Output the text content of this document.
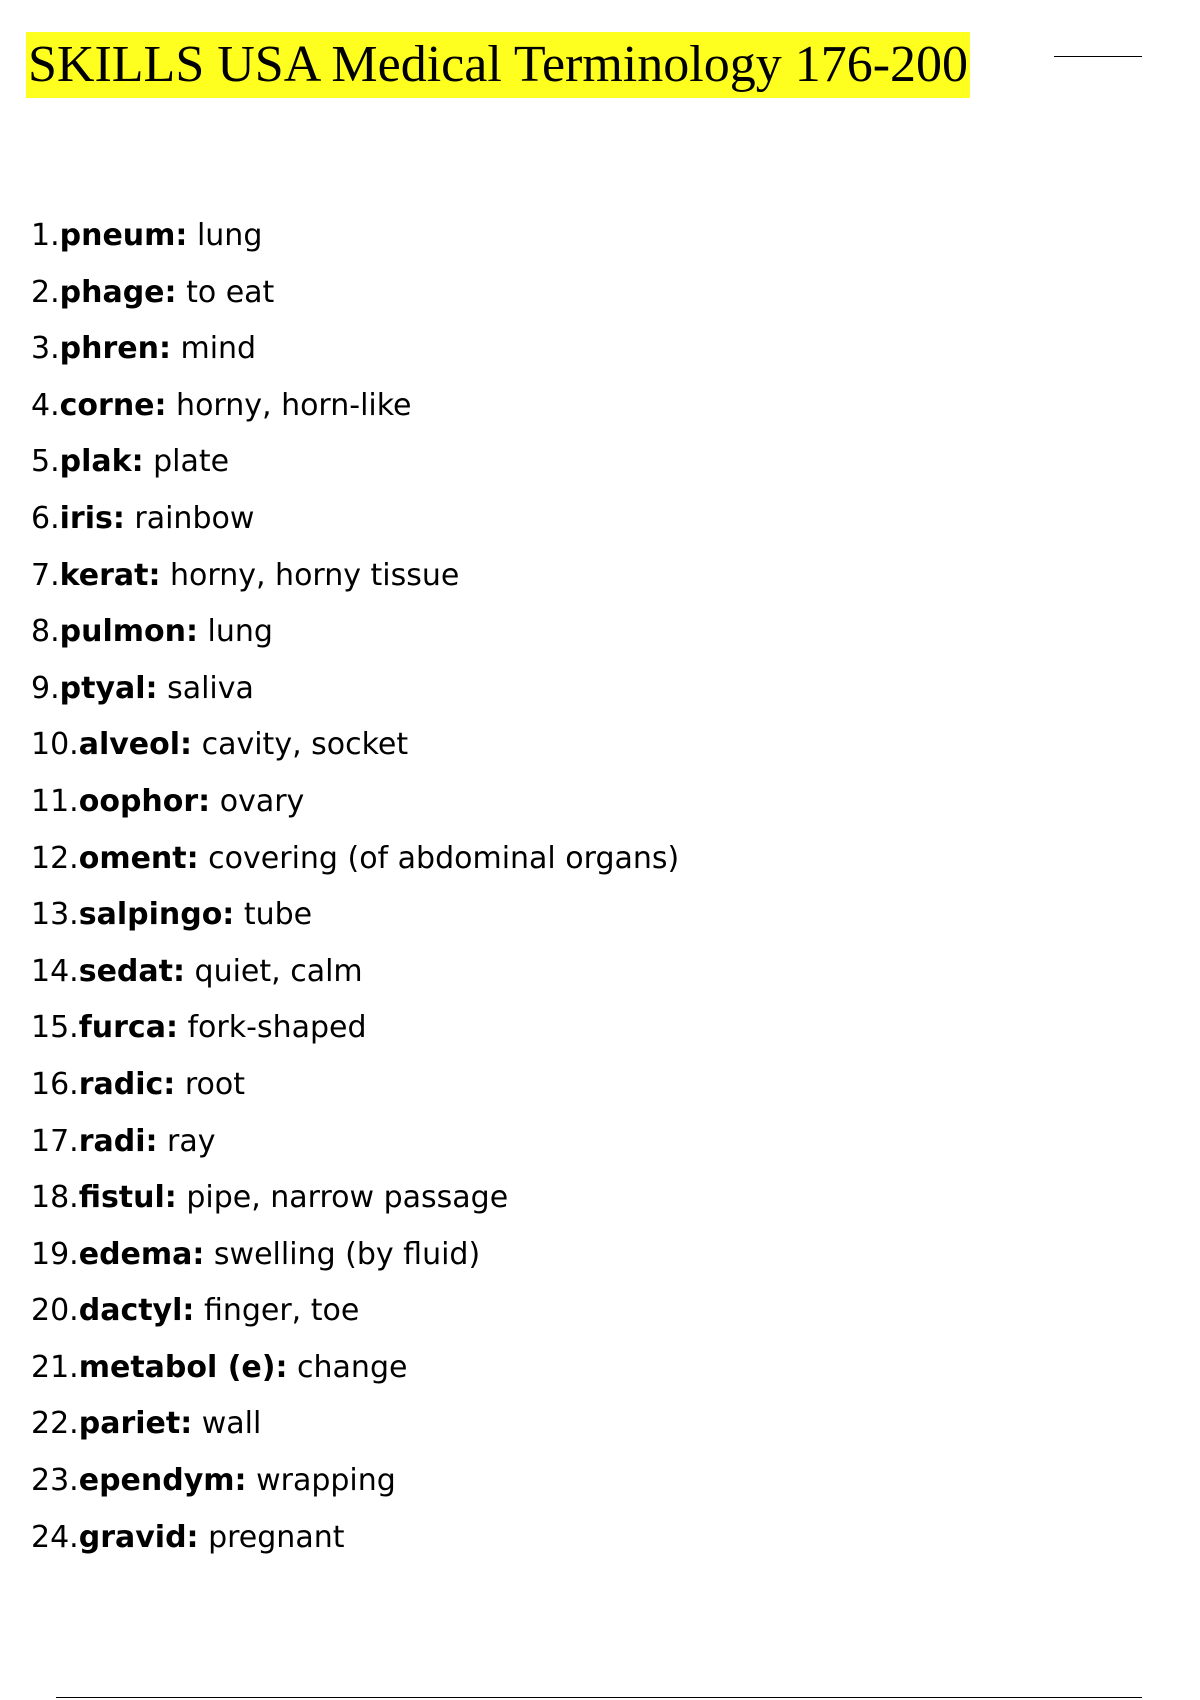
SKILLS USA Medical Terminology 176-200
1.pneum: lung
2.phage: to eat
3.phren: mind
4.corne: horny, horn-like
5.plak: plate
6.iris: rainbow
7.kerat: horny, horny tissue
8.pulmon: lung
9.ptyal: saliva
10.alveol: cavity, socket
11.oophor: ovary
12.oment: covering (of abdominal organs)
13.salpingo: tube
14.sedat: quiet, calm
15.furca: fork-shaped
16.radic: root
17.radi: ray
18.fistul: pipe, narrow passage
19.edema: swelling (by fluid)
20.dactyl: finger, toe
21.metabol (e): change
22.pariet: wall
23.ependym: wrapping
24.gravid: pregnant
